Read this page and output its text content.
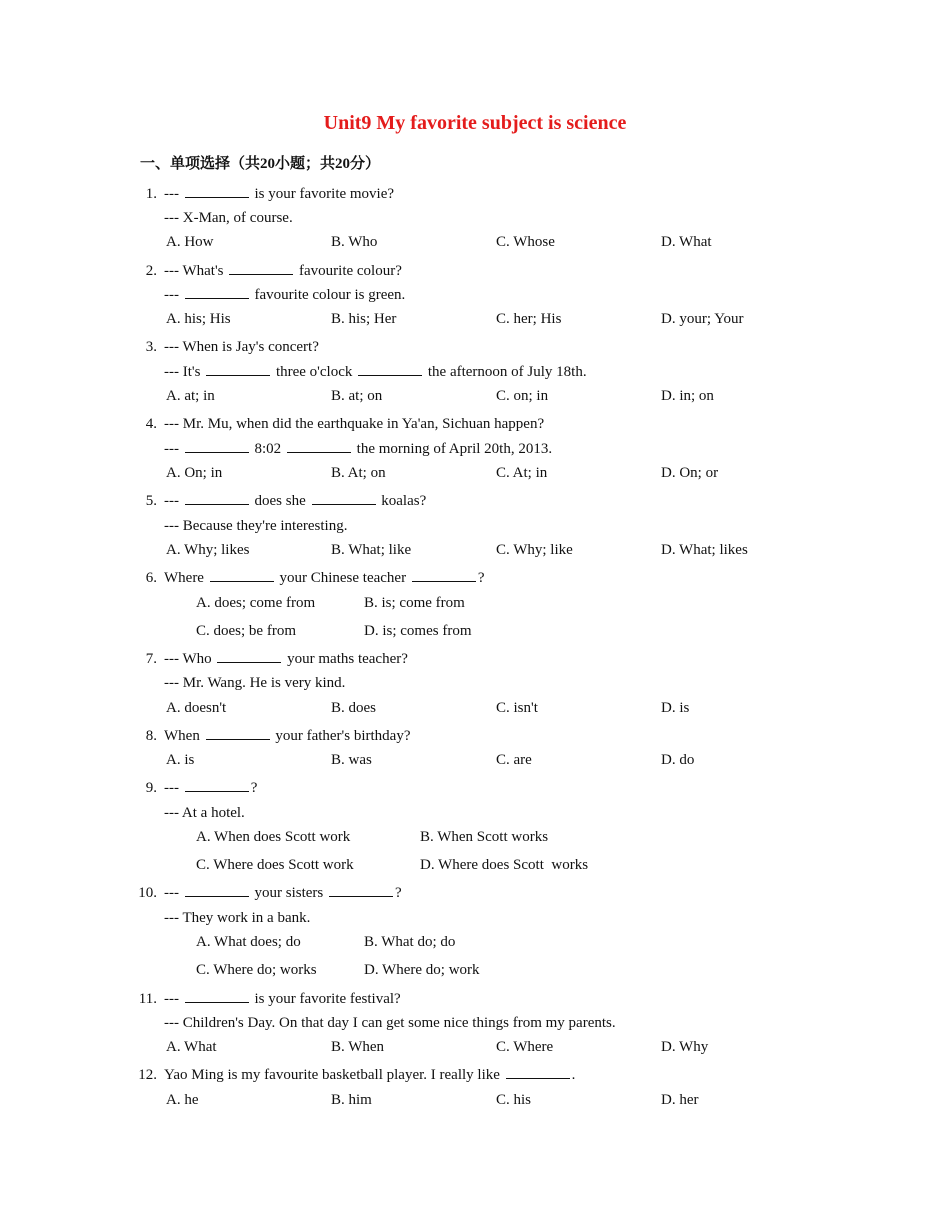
Unit9 My favorite subject is science
一、单项选择（共20小题；共20分）
1. ---	is your favorite movie?
--- X-Man, of course.
A. How	B. Who	C. Whose	D. What
2. --- What's	favourite colour?
---	favourite colour is green.
A. his; His	B. his; Her	C. her; His	D. your; Your
3. --- When is Jay's concert?
--- It's	three o'clock	the afternoon of July 18th.
A. at; in	B. at; on	C. on; in	D. in; on
4. --- Mr. Mu, when did the earthquake in Ya'an, Sichuan happen?
---	8:02	the morning of April 20th, 2013.
A. On; in	B. At; on	C. At; in	D. On; or
5. ---	does she	koalas?
--- Because they're interesting.
A. Why; likes	B. What; like	C. Why; like	D. What; likes
6. Where	your Chinese teacher	?
A. does; come from	B. is; come from
C. does; be from	D. is; comes from
7. --- Who	your maths teacher?
--- Mr. Wang. He is very kind.
A. doesn't	B. does	C. isn't	D. is
8. When	your father's birthday?
A. is	B. was	C. are	D. do
9. ---	?
--- At a hotel.
A. When does Scott work	B. When Scott works
C. Where does Scott work	D. Where does Scott  works
10. ---	your sisters	?
--- They work in a bank.
A. What does; do	B. What do; do
C. Where do; works	D. Where do; work
11. ---	is your favorite festival?
--- Children's Day. On that day I can get some nice things from my parents.
A. What	B. When	C. Where	D. Why
12. Yao Ming is my favourite basketball player. I really like	.
A. he	B. him	C. his	D. her
